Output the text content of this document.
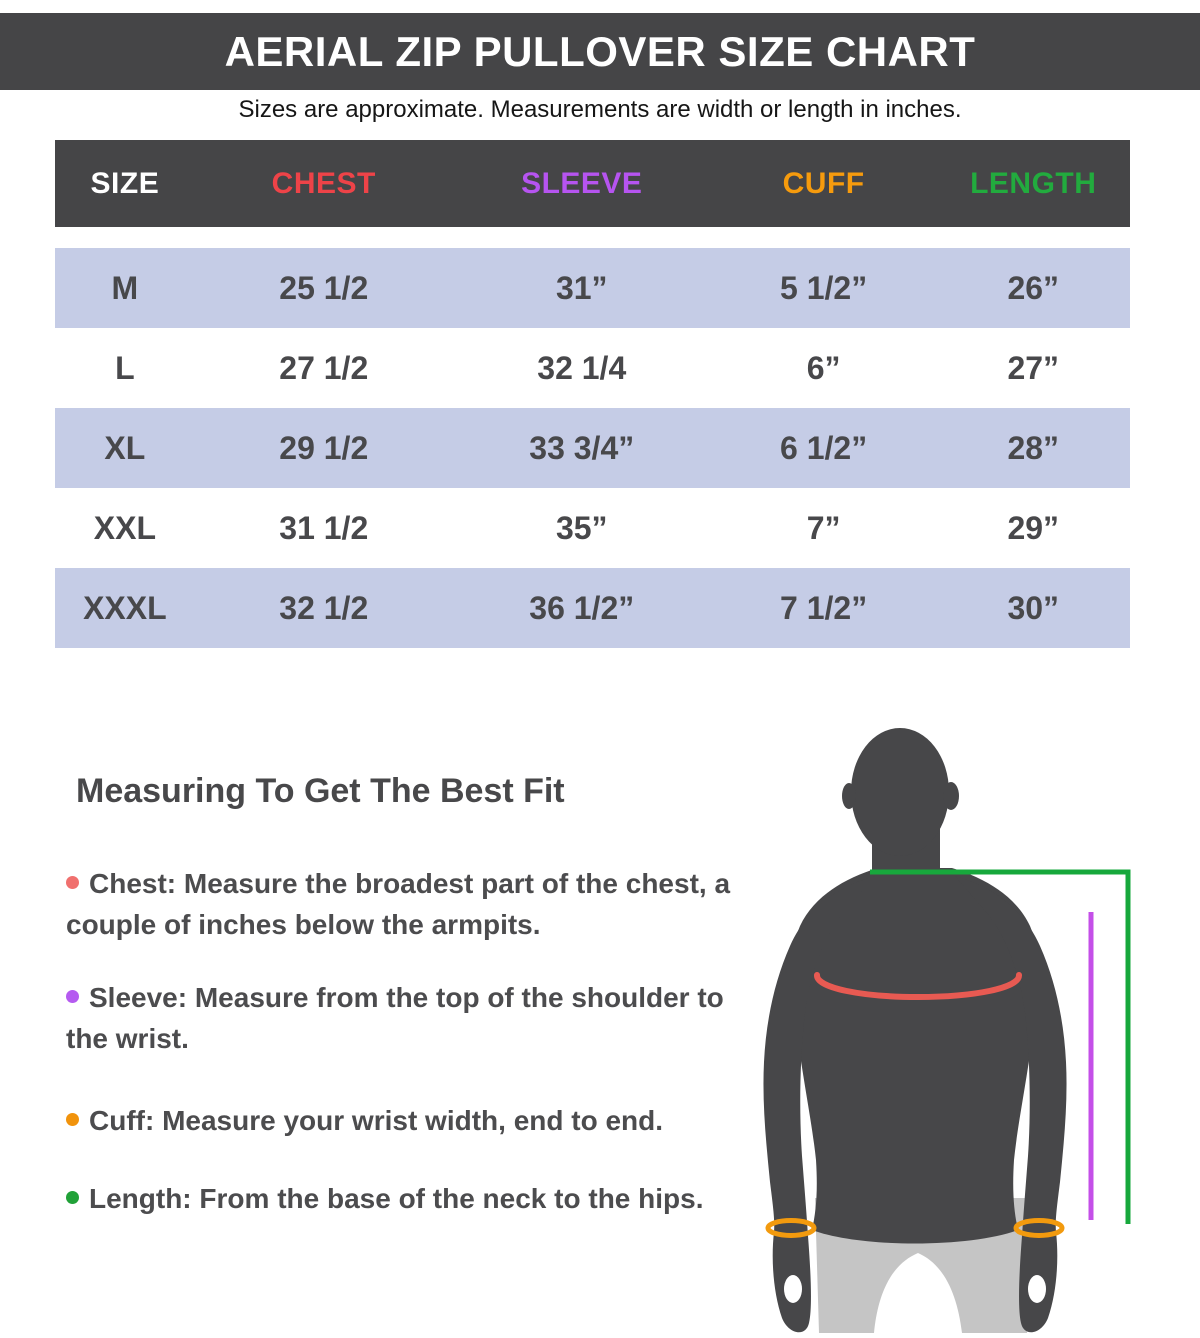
AERIAL ZIP PULLOVER SIZE CHART
Sizes are approximate. Measurements are width or length in inches.
SIZE	CHEST	SLEEVE	CUFF	LENGTH
M	25 1/2	31”	5 1/2”	26”
L	27 1/2	32 1/4	6”	27”
XL	29 1/2	33 3/4”	6 1/2”	28”
XXL	31 1/2	35”	7”	29”
XXXL	32 1/2	36 1/2”	7 1/2”	30”
Measuring To Get The Best Fit
Chest: Measure the broadest part of the chest, a
couple of inches below the armpits.
Sleeve: Measure from the top of the shoulder to
the wrist.
Cuff: Measure your wrist width, end to end.
Length: From the base of the neck to the hips.
